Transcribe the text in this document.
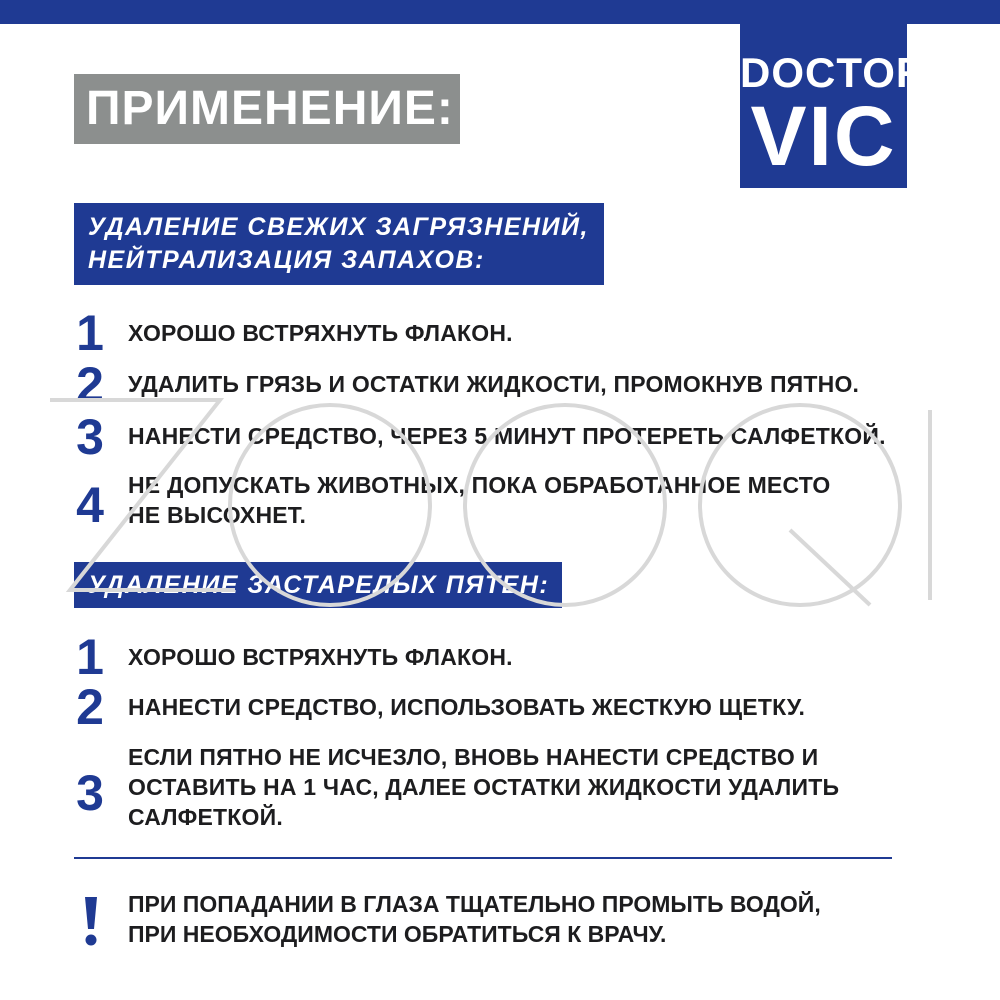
DOCTOR
VIC
ПРИМЕНЕНИЕ:
УДАЛЕНИЕ СВЕЖИХ ЗАГРЯЗНЕНИЙ,
НЕЙТРАЛИЗАЦИЯ ЗАПАХОВ:
1 ХОРОШО ВСТРЯХНУТЬ ФЛАКОН.
2 УДАЛИТЬ ГРЯЗЬ И ОСТАТКИ ЖИДКОСТИ, ПРОМОКНУВ ПЯТНО.
3 НАНЕСТИ СРЕДСТВО, ЧЕРЕЗ 5 МИНУТ ПРОТЕРЕТЬ САЛФЕТКОЙ.
4 НЕ ДОПУСКАТЬ ЖИВОТНЫХ, ПОКА ОБРАБОТАННОЕ МЕСТО
НЕ ВЫСОХНЕТ.
УДАЛЕНИЕ ЗАСТАРЕЛЫХ ПЯТЕН:
1 ХОРОШО ВСТРЯХНУТЬ ФЛАКОН.
2 НАНЕСТИ СРЕДСТВО, ИСПОЛЬЗОВАТЬ ЖЕСТКУЮ ЩЕТКУ.
3
ЕСЛИ ПЯТНО НЕ ИСЧЕЗЛО, ВНОВЬ НАНЕСТИ СРЕДСТВО И
ОСТАВИТЬ НА 1 ЧАС, ДАЛЕЕ ОСТАТКИ ЖИДКОСТИ УДАЛИТЬ
САЛФЕТКОЙ.
ПРИ ПОПАДАНИИ В ГЛАЗА ТЩАТЕЛЬНО ПРОМЫТЬ ВОДОЙ,
ПРИ НЕОБХОДИМОСТИ ОБРАТИТЬСЯ К ВРАЧУ.
